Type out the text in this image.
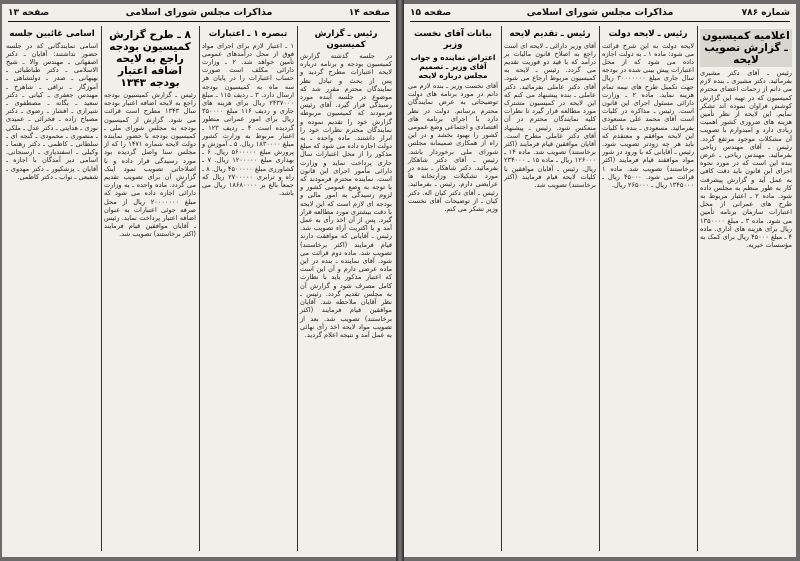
صفحه ۱۴
مذاکرات مجلس شورای اسلامی
صفحه ۱۳
رئیس ـ گزارش کمیسیون

در جلسه گذشته گزارش کمیسیون بودجه و برنامه درباره لایحه اعتبارات مطرح گردید و پس از بحث و تبادل نظر نمایندگان محترم مقرر شد که موضوع در جلسه آینده مورد رسیدگی قرار گیرد. آقای رئیس فرمودند که کمیسیون مربوطه گزارش خود را تقدیم نموده و نمایندگان محترم نظرات خود را ابراز داشتند. ماده واحده ـ به دولت اجازه داده می شود که مبلغ مذکور را از محل اعتبارات سال جاری پرداخت نماید و وزارت دارائی مأمور اجرای این قانون است. نماینده محترم فرمودند که با توجه به وضع عمومی کشور و لزوم رسیدگی به امور مالی و بودجه ای لازم است که این لایحه با دقت بیشتری مورد مطالعه قرار گیرد. پس از آن اخذ رأی به عمل آمد و با اکثریت آراء تصویب شد. رئیس ـ آقایانی که موافقت دارند قیام فرمایند (اکثر برخاستند) تصویب شد. ماده دوم قرائت می شود. آقای نماینده ـ بنده در این ماده عرضی دارم و آن این است که اعتبار مذکور باید با نظارت کامل مصرف شود و گزارش آن به مجلس تقدیم گردد. رئیس ـ نظر آقایان ملاحظه شد. آقایان موافقین قیام فرمایند (اکثر برخاستند) تصویب شد. بعد از تصویب مواد لایحه اخذ رأی نهائی به عمل آمد و نتیجه اعلام گردید.

تبصره ۱ ـ اعتبارات

۱ ـ اعتبار لازم برای اجرای مواد فوق از محل درآمدهای عمومی تأمین خواهد شد. ۲ ـ وزارت دارائی مکلف است صورت حساب اعتبارات را در پایان هر سه ماه به کمیسیون بودجه ارسال دارد. ۳ ـ ردیف ۱۱۵ ـ مبلغ ۲۴۳۷۰۰۰ ریال برای هزینه های جاری و ردیف ۱۱۶ مبلغ ۳۵۰۰۰۰ ریال برای امور عمرانی منظور گردیده است. ۴ ـ ردیف ۱۲۳ ـ اعتبار مربوط به وزارت کشور مبلغ ۱۸۳۰۰۰۰ ریال. ۵ ـ آموزش و پرورش مبلغ ۵۶۰۰۰۰۰ ریال. ۶ ـ بهداری مبلغ ۱۲۰۰۰۰۰ ریال. ۷ ـ کشاورزی مبلغ ۴۵۰۰۰۰۰ ریال. ۸ ـ راه و ترابری ۲۷۰۰۰۰۰ ریال که جمعاً بالغ بر ۱۸۶۸۰۰۰۰ ریال می باشد.

۸ ـ طرح گزارش کمیسیون بودجه راجع به لایحه اضافه اعتبار بودجه ۱۳۴۳

رئیس ـ گزارش کمیسیون بودجه راجع به لایحه اضافه اعتبار بودجه سال ۱۳۴۳ مطرح است قرائت می شود. گزارش از کمیسیون بودجه به مجلس شورای ملی ـ کمیسیون بودجه با حضور نماینده دولت لایحه شماره ۱۴۷۱ را که از مجلس سنا واصل گردیده بود مورد رسیدگی قرار داده و با اصلاحاتی تصویب نمود اینک گزارش آن برای تصویب تقدیم می گردد. ماده واحده ـ به وزارت دارائی اجازه داده می شود که مبلغ ۲۰۰۰۰۰۰۰ ریال از محل صرفه جوئی اعتبارات به عنوان اضافه اعتبار پرداخت نماید. رئیس ـ آقایان موافقین قیام فرمایند (اکثر برخاستند) تصویب شد.

اسامی غائبین جلسه

اسامی نمایندگانی که در جلسه حضور نداشتند: آقایان ـ دکتر اصفهانی ـ مهندس والا ـ شیخ الاسلامی ـ دکتر طباطبائی ـ بهبهانی ـ صدر ـ دولتشاهی ـ آموزگار ـ نراقی ـ شاهرخ ـ مهندس جعفری ـ کیانی ـ دکتر سعید ـ یگانه ـ مصطفوی ـ شیرازی ـ افشار ـ رضوی ـ دکتر مصباح زاده ـ فخرائی ـ عمیدی نوری ـ هدایتی ـ دکتر عدل ـ ملکی ـ منصوری ـ محمودی ـ گنجه ای ـ سلطانی ـ کاظمی ـ دکتر رهنما ـ وکیلی ـ اسفندیاری ـ ارسنجانی. اسامی دیر آمدگان با اجازه ـ آقایان ـ پزشکپور ـ دکتر مهدوی ـ شفیعی ـ نواب ـ دکتر کاظمی.

شماره ۷۸۶
مذاکرات مجلس شورای اسلامی
صفحه ۱۵
اعلامیه کمیسیون ـ گزارش تصویب لایحه

رئیس ـ آقای دکتر مشیری بفرمائید. دکتر مشیری ـ بنده لازم می دانم از زحمات اعضای محترم کمیسیون که در تهیه این گزارش کوشش فراوان نموده اند تشکر نمایم. این لایحه از نظر تأمین هزینه های ضروری کشور اهمیت زیادی دارد و امیدوارم با تصویب آن مشکلات موجود مرتفع گردد. رئیس ـ آقای مهندس ریاحی بفرمائید. مهندس ریاحی ـ عرض بنده این است که در مورد نحوه اجرای این قانون باید دقت کافی به عمل آید و گزارش پیشرفت کار به طور منظم به مجلس داده شود. ماده ۲ ـ اعتبار مربوط به طرح های عمرانی از محل اعتبارات سازمان برنامه تأمین می شود. ماده ۳ ـ مبلغ ۱۳۵۰۰۰۰ ریال برای هزینه های اداری. ماده ۴ ـ مبلغ ۴۵۰۰۰ ریال برای کمک به مؤسسات خیریه.

رئیس ـ لایحه دولت

لایحه دولت به این شرح قرائت می شود: ماده ۱ ـ به دولت اجازه داده می شود که از محل اعتبارات پیش بینی شده در بودجه سال جاری مبلغ ۳۰۰۰۰۰۰۰ ریال جهت تکمیل طرح های نیمه تمام هزینه نماید. ماده ۲ ـ وزارت دارائی مسئول اجرای این قانون است. رئیس ـ مذاکره در کلیات است آقای محمد علی مسعودی بفرمائید. مسعودی ـ بنده با کلیات این لایحه موافقم و معتقدم که باید هر چه زودتر تصویب شود. رئیس ـ آقایانی که با ورود در شور مواد موافقند قیام فرمایند (اکثر برخاستند) تصویب شد. ماده ۱ قرائت می شود. ۴۵۰۰۰ ریال ـ ۱۳۴۵۰۰۰ ریال ـ ۲۶۵۰۰۰ ریال.

رئیس ـ تقدیم لایحه

آقای وزیر دارائی ـ لایحه ای است راجع به اصلاح قانون مالیات بر درآمد که با قید دو فوریت تقدیم می گردد. رئیس ـ لایحه به کمیسیون مربوط ارجاع می شود. آقای دکتر عاملی بفرمائید. دکتر عاملی ـ بنده پیشنهاد می کنم که این لایحه در کمیسیون مشترک مورد مطالعه قرار گیرد تا نظرات کلیه نمایندگان محترم در آن منعکس شود. رئیس ـ پیشنهاد آقای دکتر عاملی مطرح است. آقایان موافقین قیام فرمایند (اکثر برخاستند) تصویب شد. ماده ۱۴ ـ ۱۲۶۰۰۰ ریال ـ ماده ۱۵ ـ ۲۳۴۰۰۰ ریال. رئیس ـ آقایان موافقین با کلیات لایحه قیام فرمایند (اکثر برخاستند) تصویب شد.

بیانات آقای نخست وزیر
اعتراض نماینده و جواب آقای وزیر ـ تصمیم مجلس درباره لایحه

آقای نخست وزیر ـ بنده لازم می دانم در مورد برنامه های دولت توضیحاتی به عرض نمایندگان محترم برسانم. دولت در نظر دارد با اجرای برنامه های اقتصادی و اجتماعی وضع عمومی کشور را بهبود بخشد و در این راه از همکاری صمیمانه مجلس شورای ملی برخوردار باشد. رئیس ـ آقای دکتر شاهکار بفرمائید. دکتر شاهکار ـ بنده در مورد تشکیلات وزارتخانه ها عرایضی دارم. رئیس ـ بفرمائید. رئیس ـ آقای دکتر کیان اله. دکتر کیان ـ از توضیحات آقای نخست وزیر تشکر می کنم.
